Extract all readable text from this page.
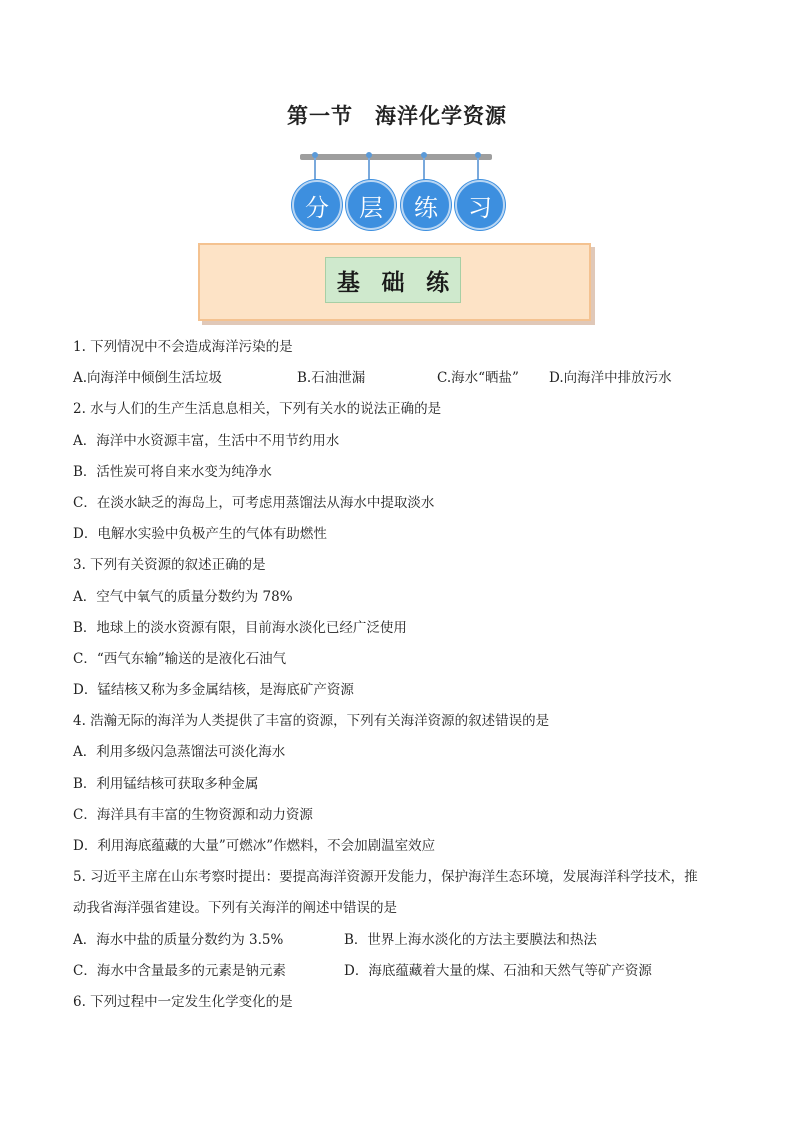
第一节　海洋化学资源
分	层	练	习
基 础 练
1. 下列情况中不会造成海洋污染的是
A.向海洋中倾倒生活垃圾	B.石油泄漏	C.海水“晒盐”	D.向海洋中排放污水
2. 水与人们的生产生活息息相关，下列有关水的说法正确的是
A．海洋中水资源丰富，生活中不用节约用水
B．活性炭可将自来水变为纯净水
C．在淡水缺乏的海岛上，可考虑用蒸馏法从海水中提取淡水
D．电解水实验中负极产生的气体有助燃性
3. 下列有关资源的叙述正确的是
A．空气中氧气的质量分数约为 78%
B．地球上的淡水资源有限，目前海水淡化已经广泛使用
C．“西气东输”输送的是液化石油气
D．锰结核又称为多金属结核，是海底矿产资源
4. 浩瀚无际的海洋为人类提供了丰富的资源，下列有关海洋资源的叙述错误的是
A．利用多级闪急蒸馏法可淡化海水
B．利用锰结核可获取多种金属
C．海洋具有丰富的生物资源和动力资源
D．利用海底蕴藏的大量”可燃冰”作燃料，不会加剧温室效应
5. 习近平主席在山东考察时提出：要提高海洋资源开发能力，保护海洋生态环境，发展海洋科学技术，推
动我省海洋强省建设。下列有关海洋的阐述中错误的是
A．海水中盐的质量分数约为 3.5%	B．世界上海水淡化的方法主要膜法和热法
C．海水中含量最多的元素是钠元素	D．海底蕴藏着大量的煤、石油和天然气等矿产资源
6. 下列过程中一定发生化学变化的是
